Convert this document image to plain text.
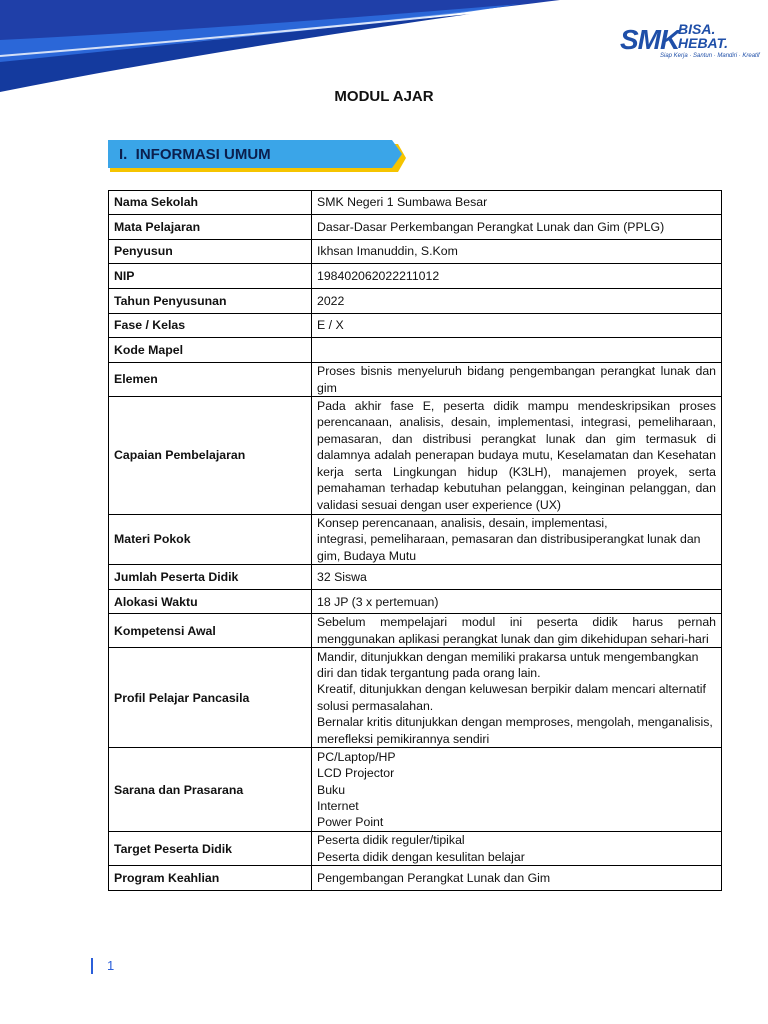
SMK
BISA.
HEBAT.
Siap Kerja · Santun · Mandiri · Kreatif
MODUL AJAR
I.  INFORMASI UMUM
Nama Sekolah	SMK Negeri 1 Sumbawa Besar

Mata Pelajaran	Dasar-Dasar Perkembangan Perangkat Lunak dan Gim (PPLG)

Penyusun	Ikhsan Imanuddin, S.Kom

NIP	198402062022211012

Tahun Penyusunan	2022

Fase / Kelas	E / X

Kode Mapel	

Elemen	Proses bisnis menyeluruh bidang pengembangan perangkat lunak dan gim

Capaian Pembelajaran	Pada akhir fase E, peserta didik mampu mendeskripsikan proses perencanaan, analisis, desain, implementasi, integrasi, pemeliharaan, pemasaran, dan distribusi perangkat lunak dan gim termasuk di dalamnya adalah penerapan budaya mutu, Keselamatan dan Kesehatan kerja serta Lingkungan hidup (K3LH), manajemen proyek, serta pemahaman terhadap kebutuhan pelanggan, keinginan pelanggan, dan validasi sesuai dengan user experience (UX)

Materi Pokok	Konsep perencanaan, analisis, desain, implementasi,
integrasi, pemeliharaan, pemasaran dan distribusiperangkat lunak dan gim, Budaya Mutu

Jumlah Peserta Didik	32 Siswa

Alokasi Waktu	18 JP (3 x pertemuan)

Kompetensi Awal	Sebelum mempelajari modul ini peserta didik harus pernah menggunakan aplikasi perangkat lunak dan gim dikehidupan sehari-hari

Profil Pelajar Pancasila	Mandir, ditunjukkan dengan memiliki prakarsa untuk mengembangkan diri dan tidak tergantung pada orang lain.
Kreatif, ditunjukkan dengan keluwesan berpikir dalam mencari alternatif solusi permasalahan.
Bernalar kritis ditunjukkan dengan memproses, mengolah, menganalisis, merefleksi pemikirannya sendiri

Sarana dan Prasarana	PC/Laptop/HP
LCD Projector
Buku
Internet
Power Point

Target Peserta Didik	Peserta didik reguler/tipikal
Peserta didik dengan kesulitan belajar

Program Keahlian	Pengembangan Perangkat Lunak dan Gim
1
